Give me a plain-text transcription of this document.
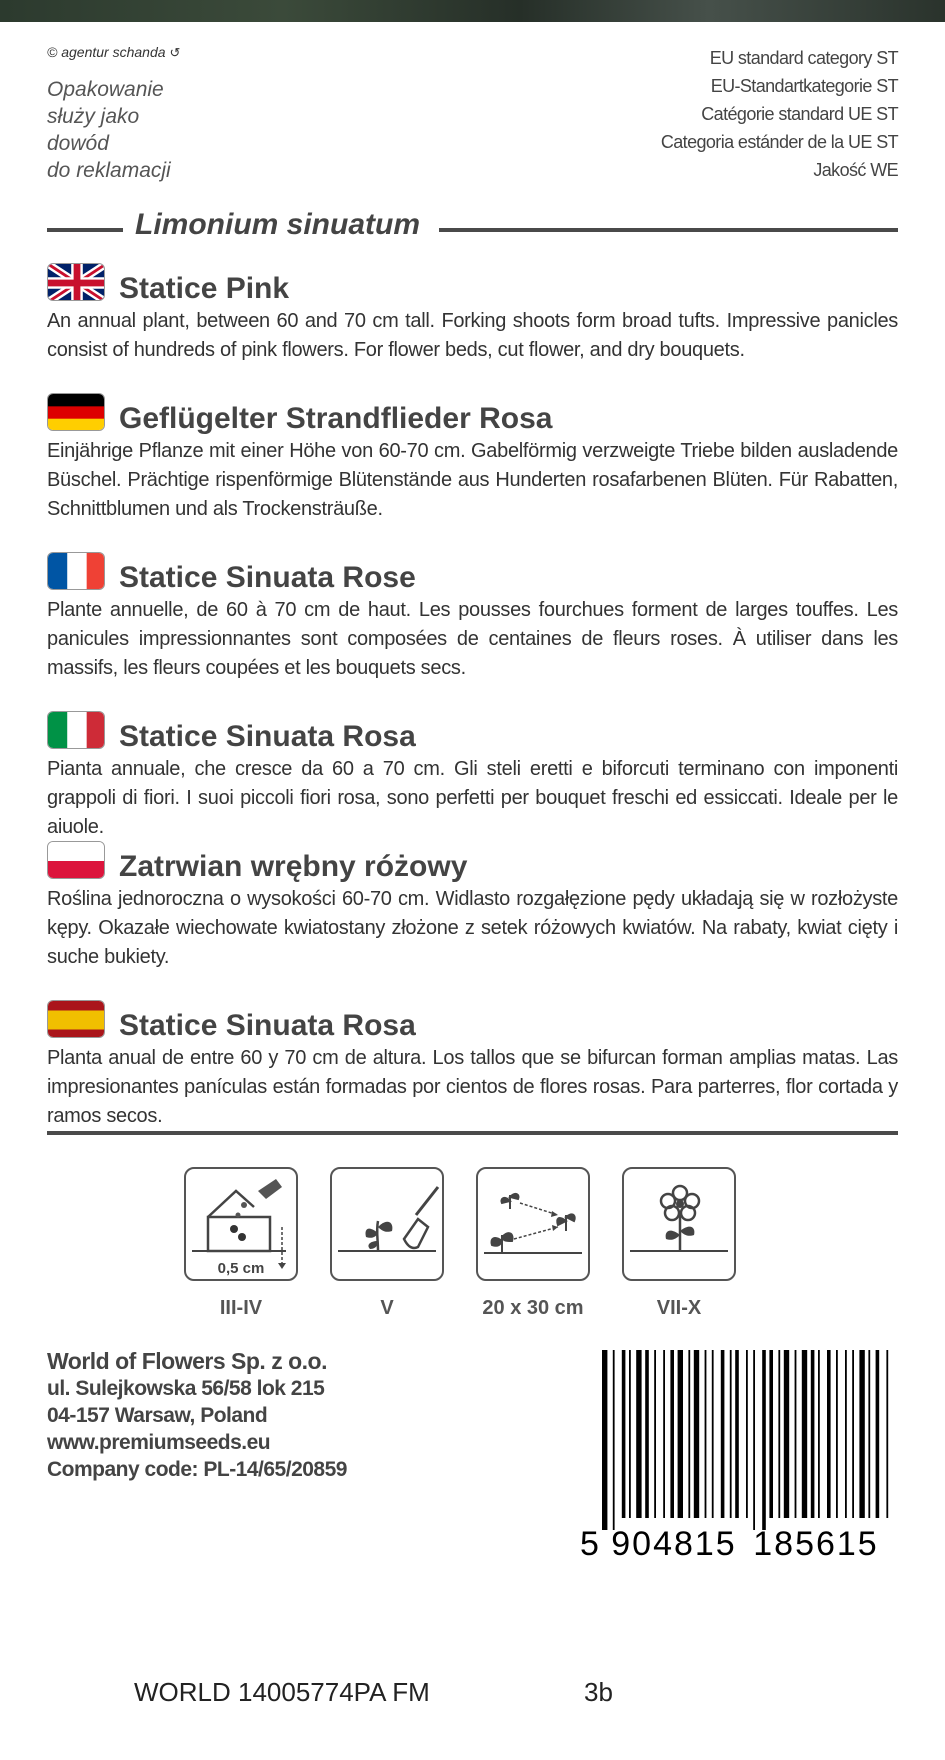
© agentur schanda ↺
Opakowanie
służy jako
dowód
do reklamacji
EU standard category ST
EU-Standartkategorie ST
Catégorie standard UE ST
Categoria estánder de la UE ST
Jakość WE
Limonium sinuatum
Statice Pink
An annual plant, between 60 and 70 cm tall. Forking shoots form broad tufts. Impressive panicles consist of hundreds of pink flowers. For flower beds, cut flower, and dry bouquets.
Geflügelter Strandflieder Rosa
Einjährige Pflanze mit einer Höhe von 60-70 cm. Gabelförmig verzweigte Triebe bilden ausladende Büschel. Prächtige rispenförmige Blütenstände aus Hunderten rosafarbenen Blüten. Für Rabatten, Schnittblumen und als Trockensträuße.
Statice Sinuata Rose
Plante annuelle, de 60 à 70 cm de haut. Les pousses fourchues forment de larges touffes. Les panicules impressionnantes sont composées de centaines de fleurs roses. À utiliser dans les massifs, les fleurs coupées et les bouquets secs.
Statice Sinuata Rosa
Pianta annuale, che cresce da 60 a 70 cm. Gli steli eretti e biforcuti terminano con imponenti grappoli di fiori. I suoi piccoli fiori rosa, sono perfetti per bouquet freschi ed essiccati. Ideale per le aiuole.
Zatrwian wrębny różowy
Roślina jednoroczna o wysokości 60-70 cm. Widlasto rozgałęzione pędy układają się w rozłożyste kępy. Okazałe wiechowate kwiatostany złożone z setek różowych kwiatów. Na rabaty, kwiat cięty i suche bukiety.
Statice Sinuata Rosa
Planta anual de entre 60 y 70 cm de altura. Los tallos que se bifurcan forman amplias matas. Las impresionantes panículas están formadas por cientos de flores rosas. Para parterres, flor cortada y ramos secos.
0,5 cm
III-IV	V	20 x 30 cm	VII-X
World of Flowers Sp. z o.o.
ul. Sulejkowska 56/58 lok 215
04-157 Warsaw, Poland
www.premiumseeds.eu
Company code: PL-14/65/20859
5 904815 185615
WORLD 14005774PA FM	3b
